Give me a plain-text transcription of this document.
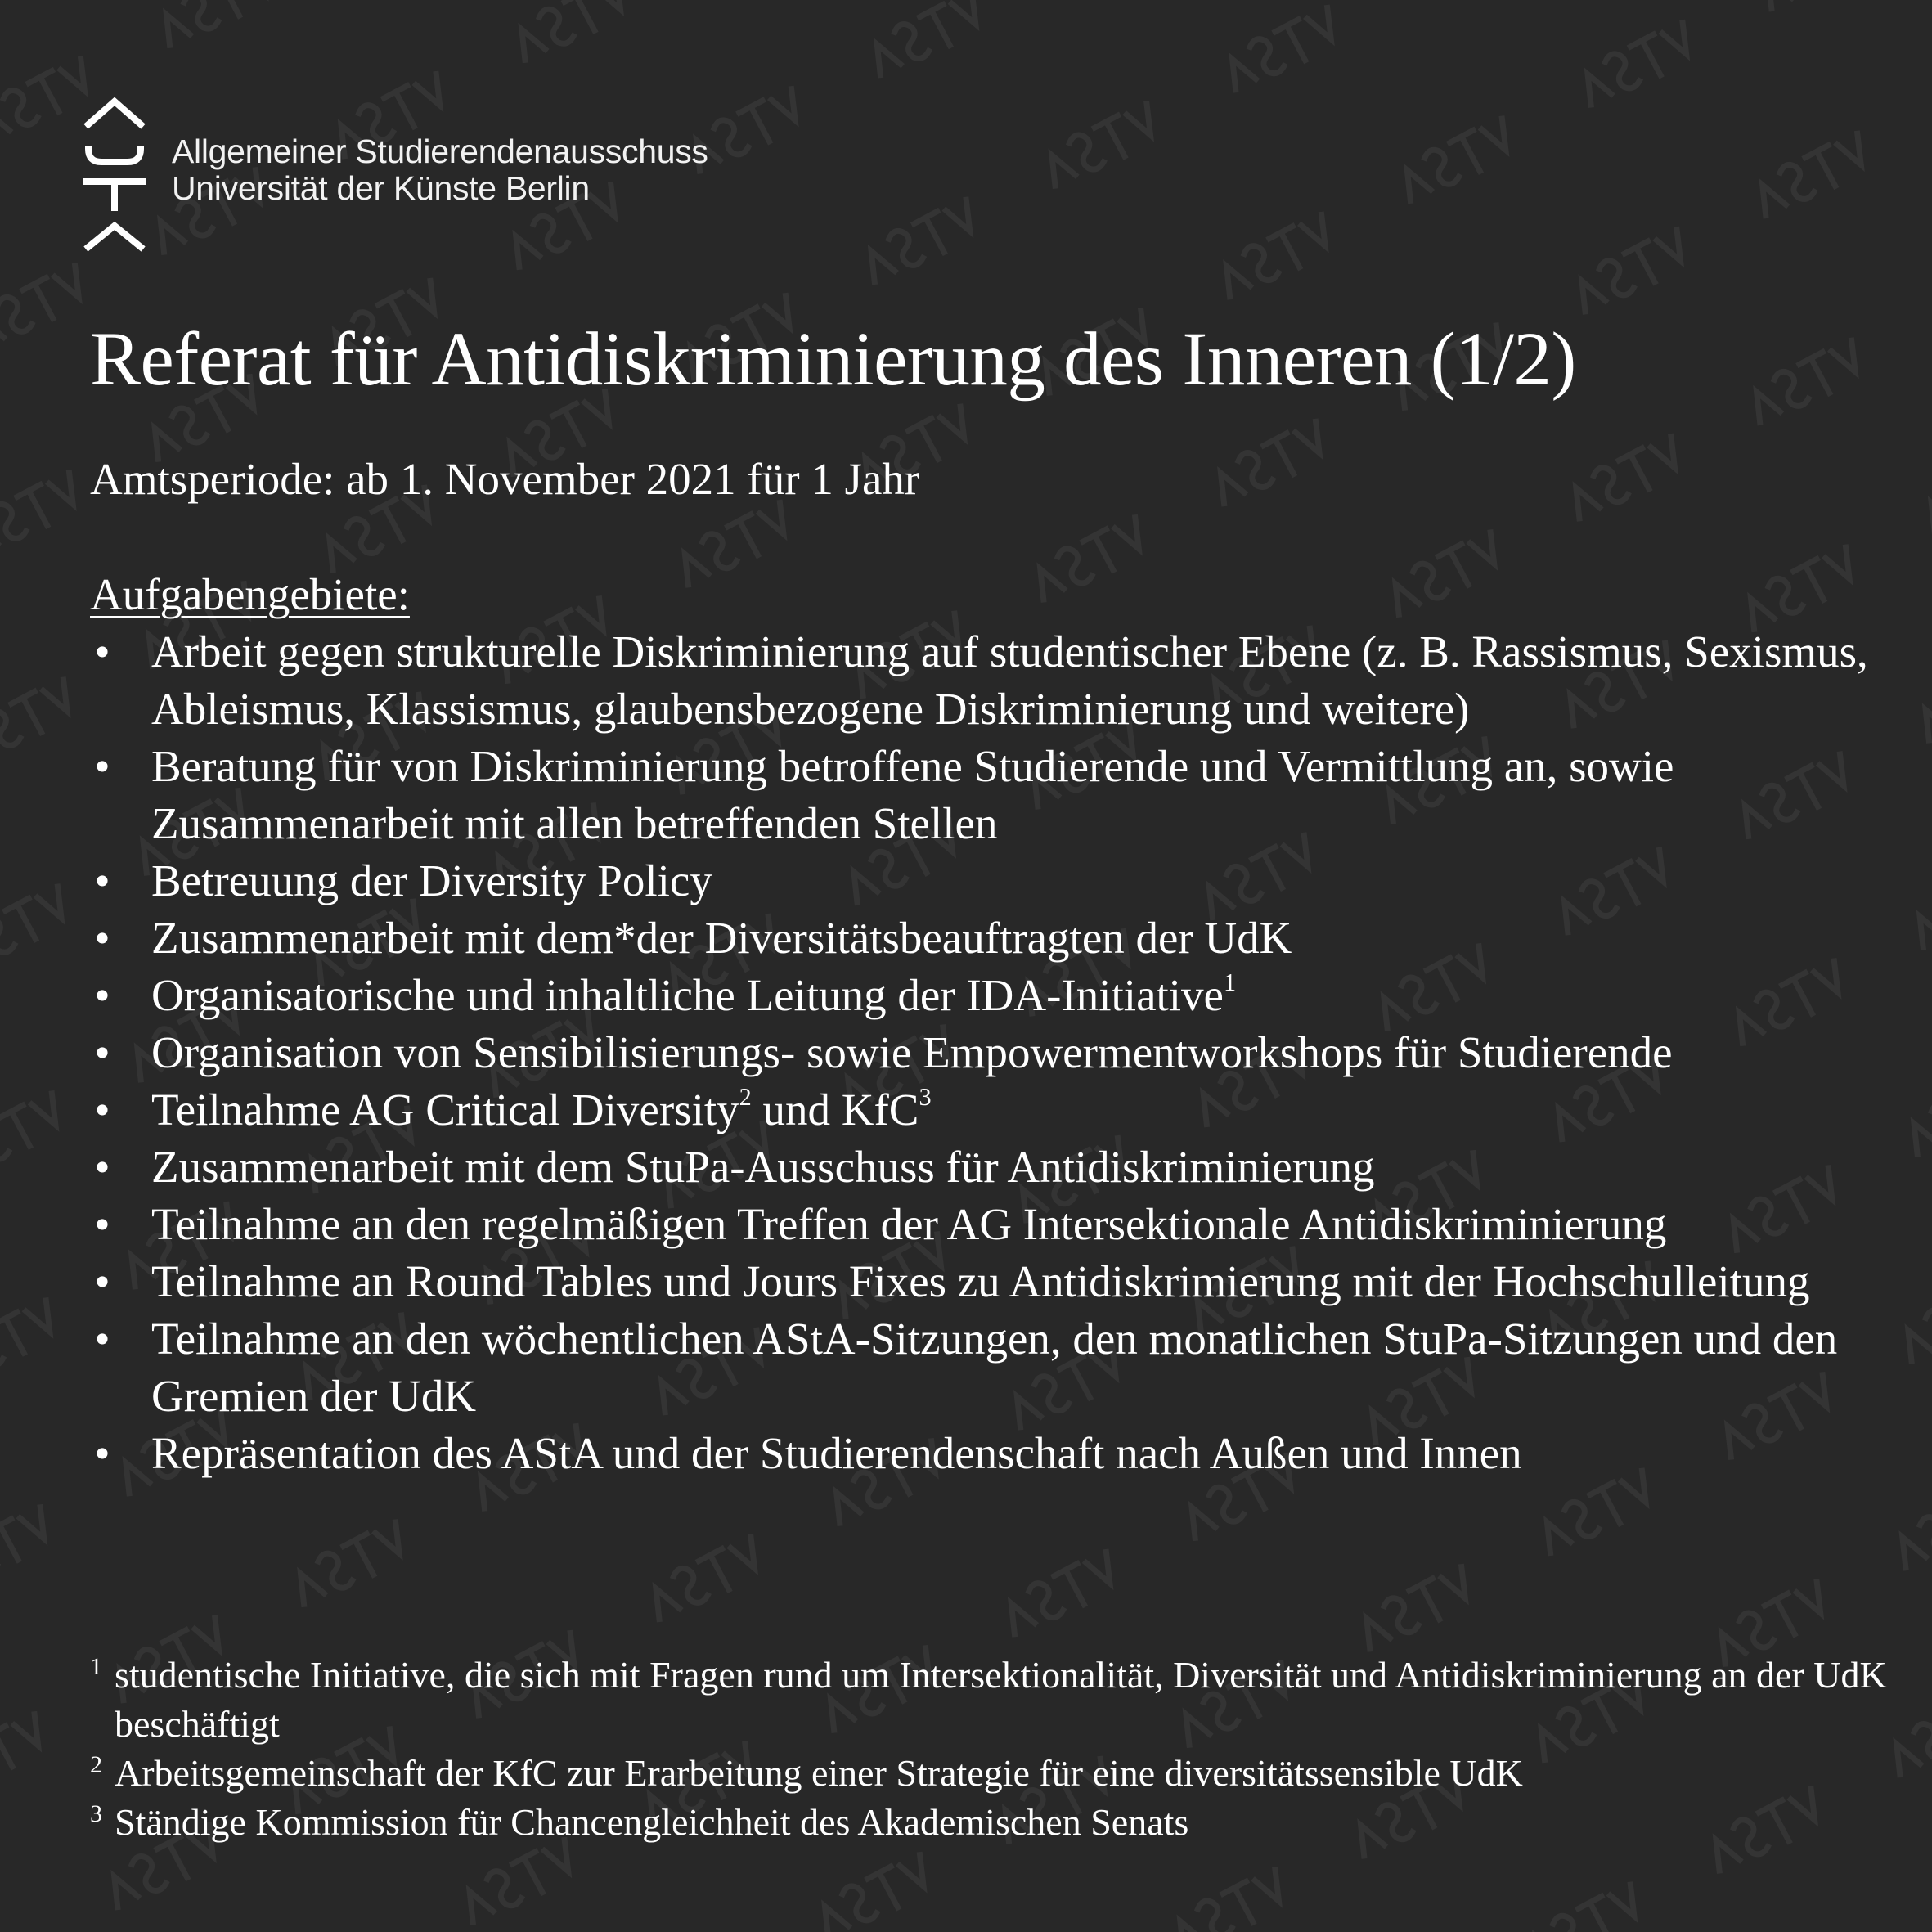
Allgemeiner Studierendenausschuss
Universität der Künste Berlin
Referat für Antidiskriminierung des Inneren (1/2)
Amtsperiode: ab 1. November 2021 für 1 Jahr
Aufgabengebiete:
• Arbeit gegen strukturelle Diskriminierung auf studentischer Ebene (z. B. Rassismus, Sexismus, Ableismus, Klassismus, glaubensbezogene Diskriminierung und weitere)
• Beratung für von Diskriminierung betroffene Studierende und Vermittlung an, sowie Zusammenarbeit mit allen betreffenden Stellen
• Betreuung der Diversity Policy
• Zusammenarbeit mit dem*der Diversitätsbeauftragten der UdK
• Organisatorische und inhaltliche Leitung der IDA-Initiative$^1$
• Organisation von Sensibilisierungs- sowie Empowermentworkshops für Studierende
• Teilnahme AG Critical Diversity$^2$ und KfC$^3$
• Zusammenarbeit mit dem StuPa-Ausschuss für Antidiskriminierung
• Teilnahme an den regelmäßigen Treffen der AG Intersektionale Antidiskriminierung
• Teilnahme an Round Tables und Jours Fixes zu Antidiskrimierung mit der Hochschulleitung
• Teilnahme an den wöchentlichen AStA-Sitzungen, den monatlichen StuPa-Sitzungen und den Gremien der UdK
• Repräsentation des AStA und der Studierendenschaft nach Außen und Innen
1 studentische Initiative, die sich mit Fragen rund um Intersektionalität, Diversität und Antidiskriminierung an der UdK beschäftigt
2 Arbeitsgemeinschaft der KfC zur Erarbeitung einer Strategie für eine diversitätssensible UdK
3 Ständige Kommission für Chancengleichheit des Akademischen Senats
